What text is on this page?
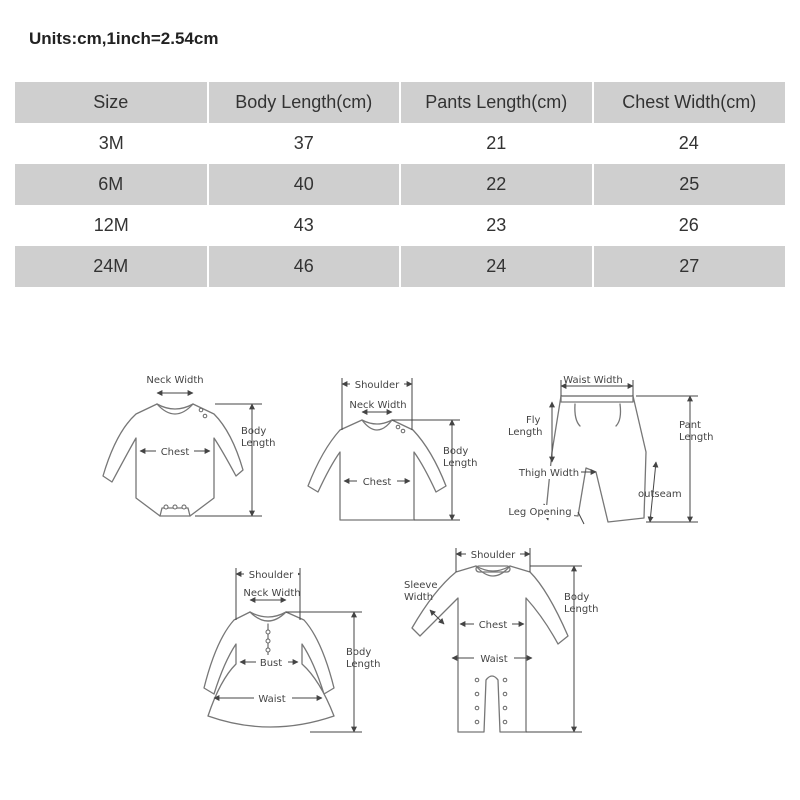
Units:cm,1inch=2.54cm
Size	Body Length(cm)	Pants Length(cm)	Chest Width(cm)
3M	37	21	24
6M	40	22	25
12M	43	23	26
24M	46	24	27
Neck Width
Chest
Body
Length
Shoulder
Neck Width
Chest
Body
Length
Waist Width
Fly
Length
Pant
Length
Thigh Width
outseam
Leg Opening
Shoulder
Neck Width
Bust
Waist
Body
Length
Shoulder
Sleeve
Width
Chest
Waist
Body
Length
